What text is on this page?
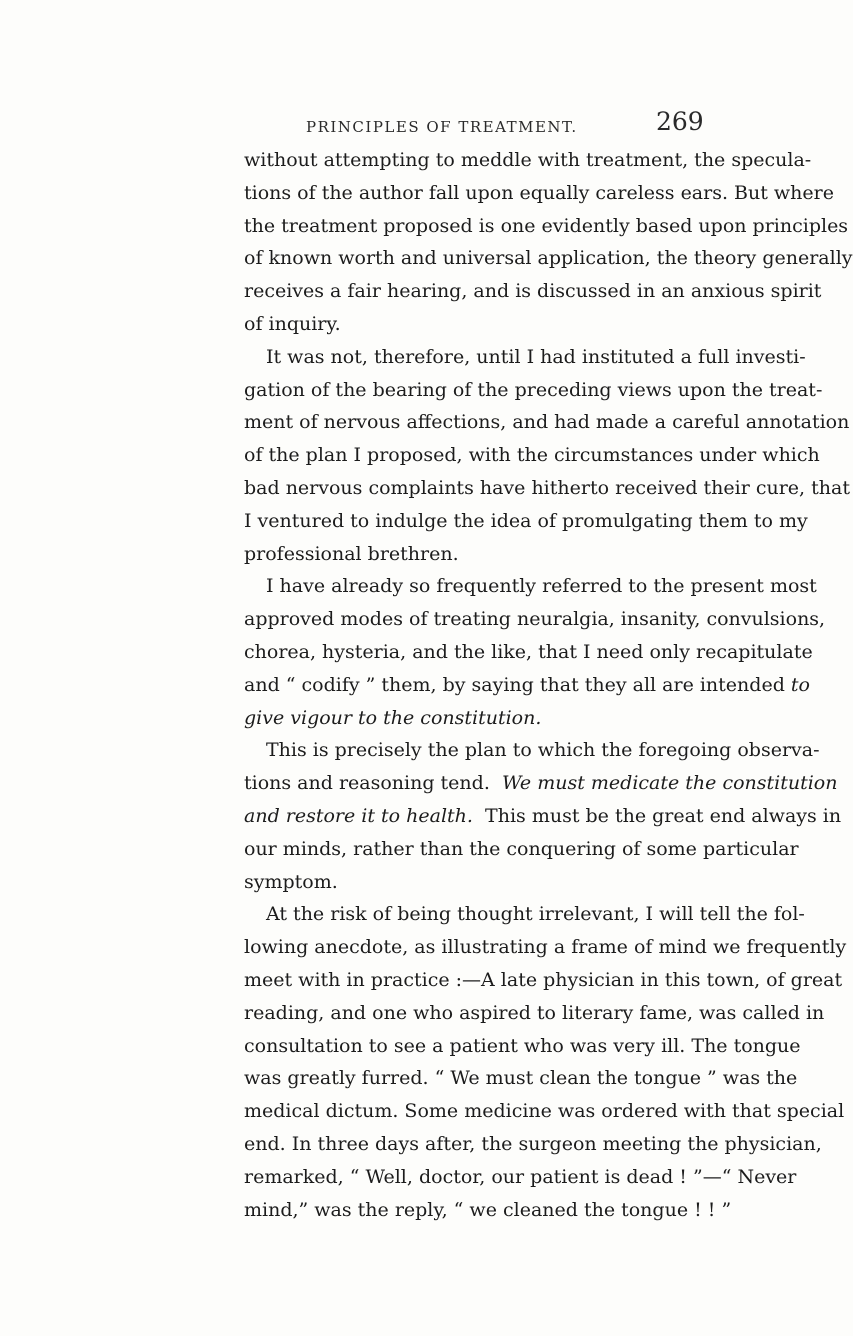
PRINCIPLES OF TREATMENT.	269
without attempting to meddle with treatment, the specula-
tions of the author fall upon equally careless ears. But where
the treatment proposed is one evidently based upon principles
of known worth and universal application, the theory generally
receives a fair hearing, and is discussed in an anxious spirit
of inquiry.
It was not, therefore, until I had instituted a full investi-
gation of the bearing of the preceding views upon the treat-
ment of nervous affections, and had made a careful annotation
of the plan I proposed, with the circumstances under which
bad nervous complaints have hitherto received their cure, that
I ventured to indulge the idea of promulgating them to my
professional brethren.
I have already so frequently referred to the present most
approved modes of treating neuralgia, insanity, convulsions,
chorea, hysteria, and the like, that I need only recapitulate
and “ codify ” them, by saying that they all are intended to
give vigour to the constitution.
This is precisely the plan to which the foregoing observa-
tions and reasoning tend. We must medicate the constitution
and restore it to health. This must be the great end always in
our minds, rather than the conquering of some particular
symptom.
At the risk of being thought irrelevant, I will tell the fol-
lowing anecdote, as illustrating a frame of mind we frequently
meet with in practice :—A late physician in this town, of great
reading, and one who aspired to literary fame, was called in
consultation to see a patient who was very ill. The tongue
was greatly furred. “ We must clean the tongue ” was the
medical dictum. Some medicine was ordered with that special
end. In three days after, the surgeon meeting the physician,
remarked, “ Well, doctor, our patient is dead ! ”—“ Never
mind,” was the reply, “ we cleaned the tongue ! ! ”
